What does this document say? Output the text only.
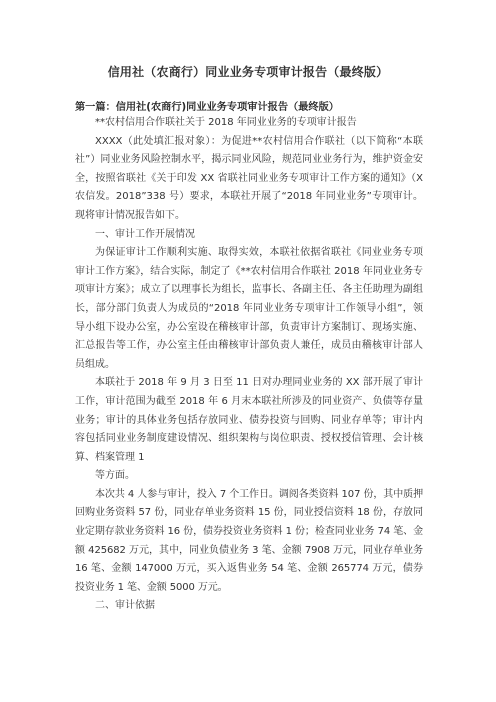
信用社（农商行）同业业务专项审计报告（最终版）
第一篇：信用社(农商行)同业业务专项审计报告（最终版）

**农村信用合作联社关于 2018 年同业业务的专项审计报告

XXXX（此处填汇报对象）：为促进**农村信用合作联社（以下简称“本联社”）同业业务风险控制水平，揭示同业风险，规范同业业务行为，维护资金安全，按照省联社《关于印发 XX 省联社同业业务专项审计工作方案的通知》（X 农信发。2018”338 号）要求，本联社开展了“2018 年同业业务”专项审计。现将审计情况报告如下。

一、审计工作开展情况

为保证审计工作顺利实施、取得实效，本联社依据省联社《同业业务专项审计工作方案》，结合实际，制定了《**农村信用合作联社 2018 年同业业务专项审计方案》；成立了以理事长为组长，监事长、各副主任、各主任助理为副组长，部分部门负责人为成员的“2018 年同业业务专项审计工作领导小组”，领导小组下设办公室，办公室设在稽核审计部，负责审计方案制订、现场实施、汇总报告等工作，办公室主任由稽核审计部负责人兼任，成员由稽核审计部人员组成。

本联社于 2018 年 9 月 3 日至 11 日对办理同业业务的 XX 部开展了审计工作，审计范围为截至 2018 年 6 月末本联社所涉及的同业资产、负债等存量业务；审计的具体业务包括存放同业、债券投资与回购、同业存单等；审计内容包括同业业务制度建设情况、组织架构与岗位职责、授权授信管理、会计核算、档案管理 1

等方面。

本次共 4 人参与审计，投入 7 个工作日。调阅各类资料 107 份，其中质押回购业务资料 57 份，同业存单业务资料 15 份，同业授信资料 18 份，存放同业定期存款业务资料 16 份，债券投资业务资料 1 份；检查同业业务 74 笔、金额 425682 万元，其中，同业负债业务 3 笔、金额 7908 万元，同业存单业务 16 笔、金额 147000 万元，买入返售业务 54 笔、金额 265774 万元，债券投资业务 1 笔、金额 5000 万元。

二、审计依据
